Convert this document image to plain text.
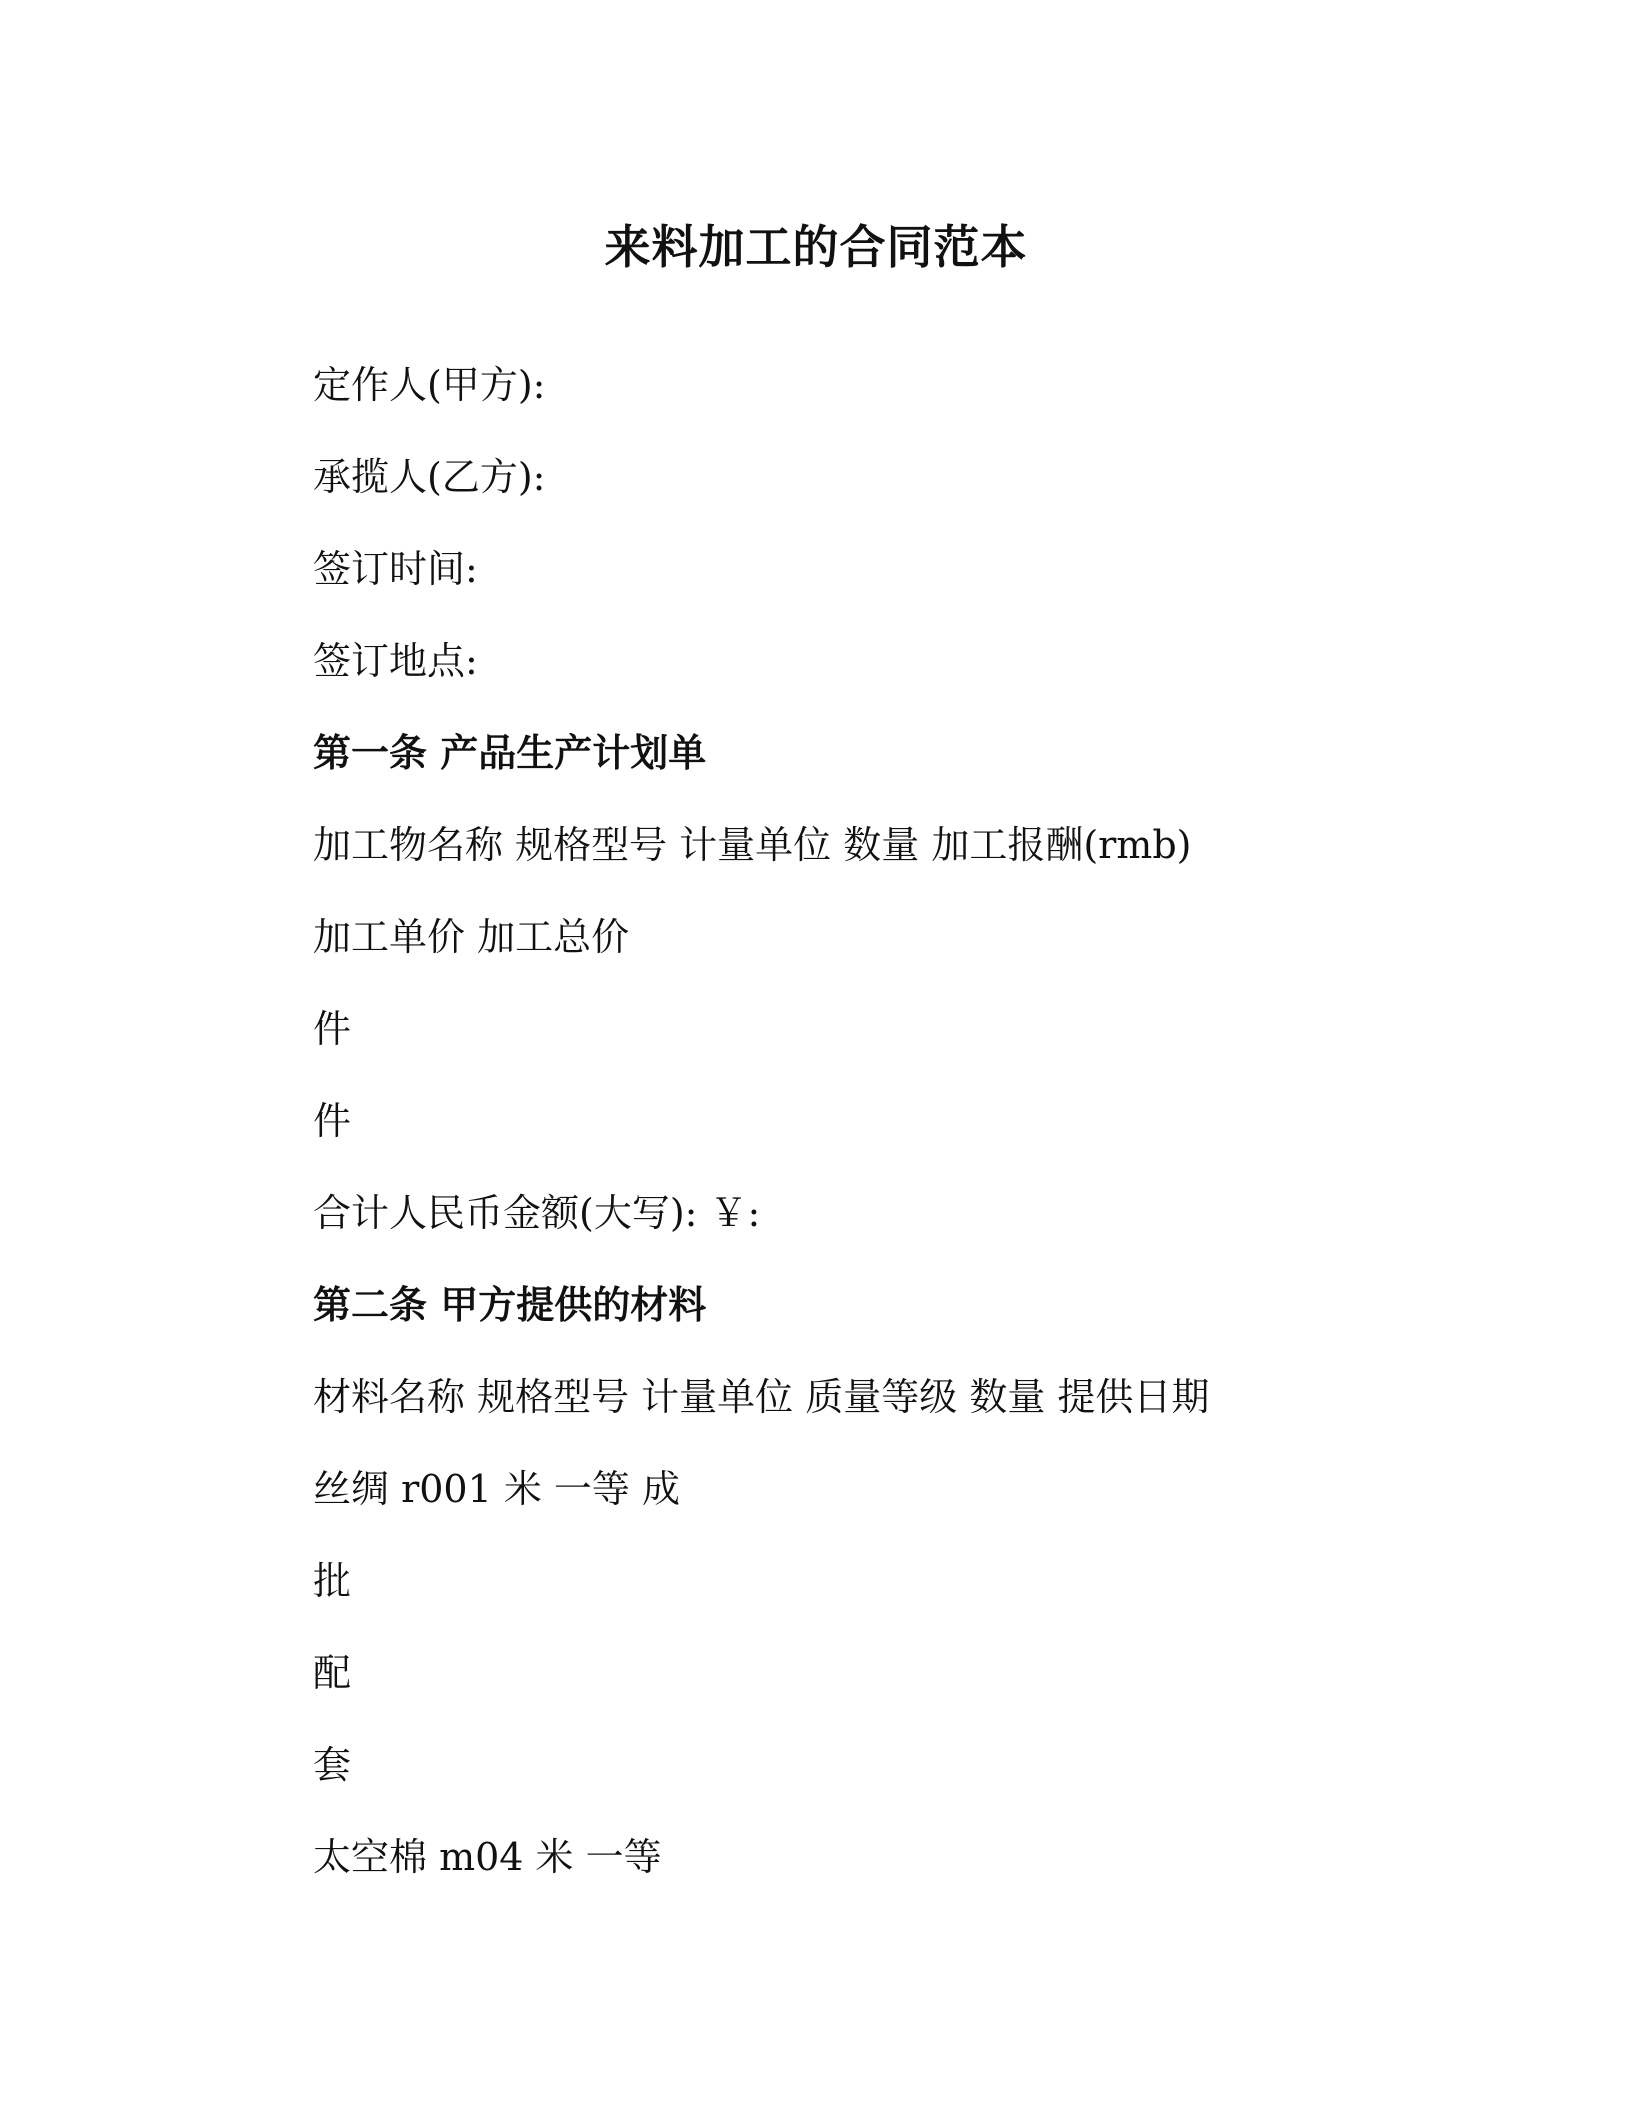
来料加工的合同范本
定作人(甲方):
承揽人(乙方):
签订时间:
签订地点:
第一条 产品生产计划单
加工物名称 规格型号 计量单位 数量 加工报酬(rmb)
加工单价 加工总价
件
件
合计人民币金额(大写): ￥:
第二条 甲方提供的材料
材料名称 规格型号 计量单位 质量等级 数量 提供日期
丝绸 r001 米 一等 成
批
配
套
太空棉 m04 米 一等
